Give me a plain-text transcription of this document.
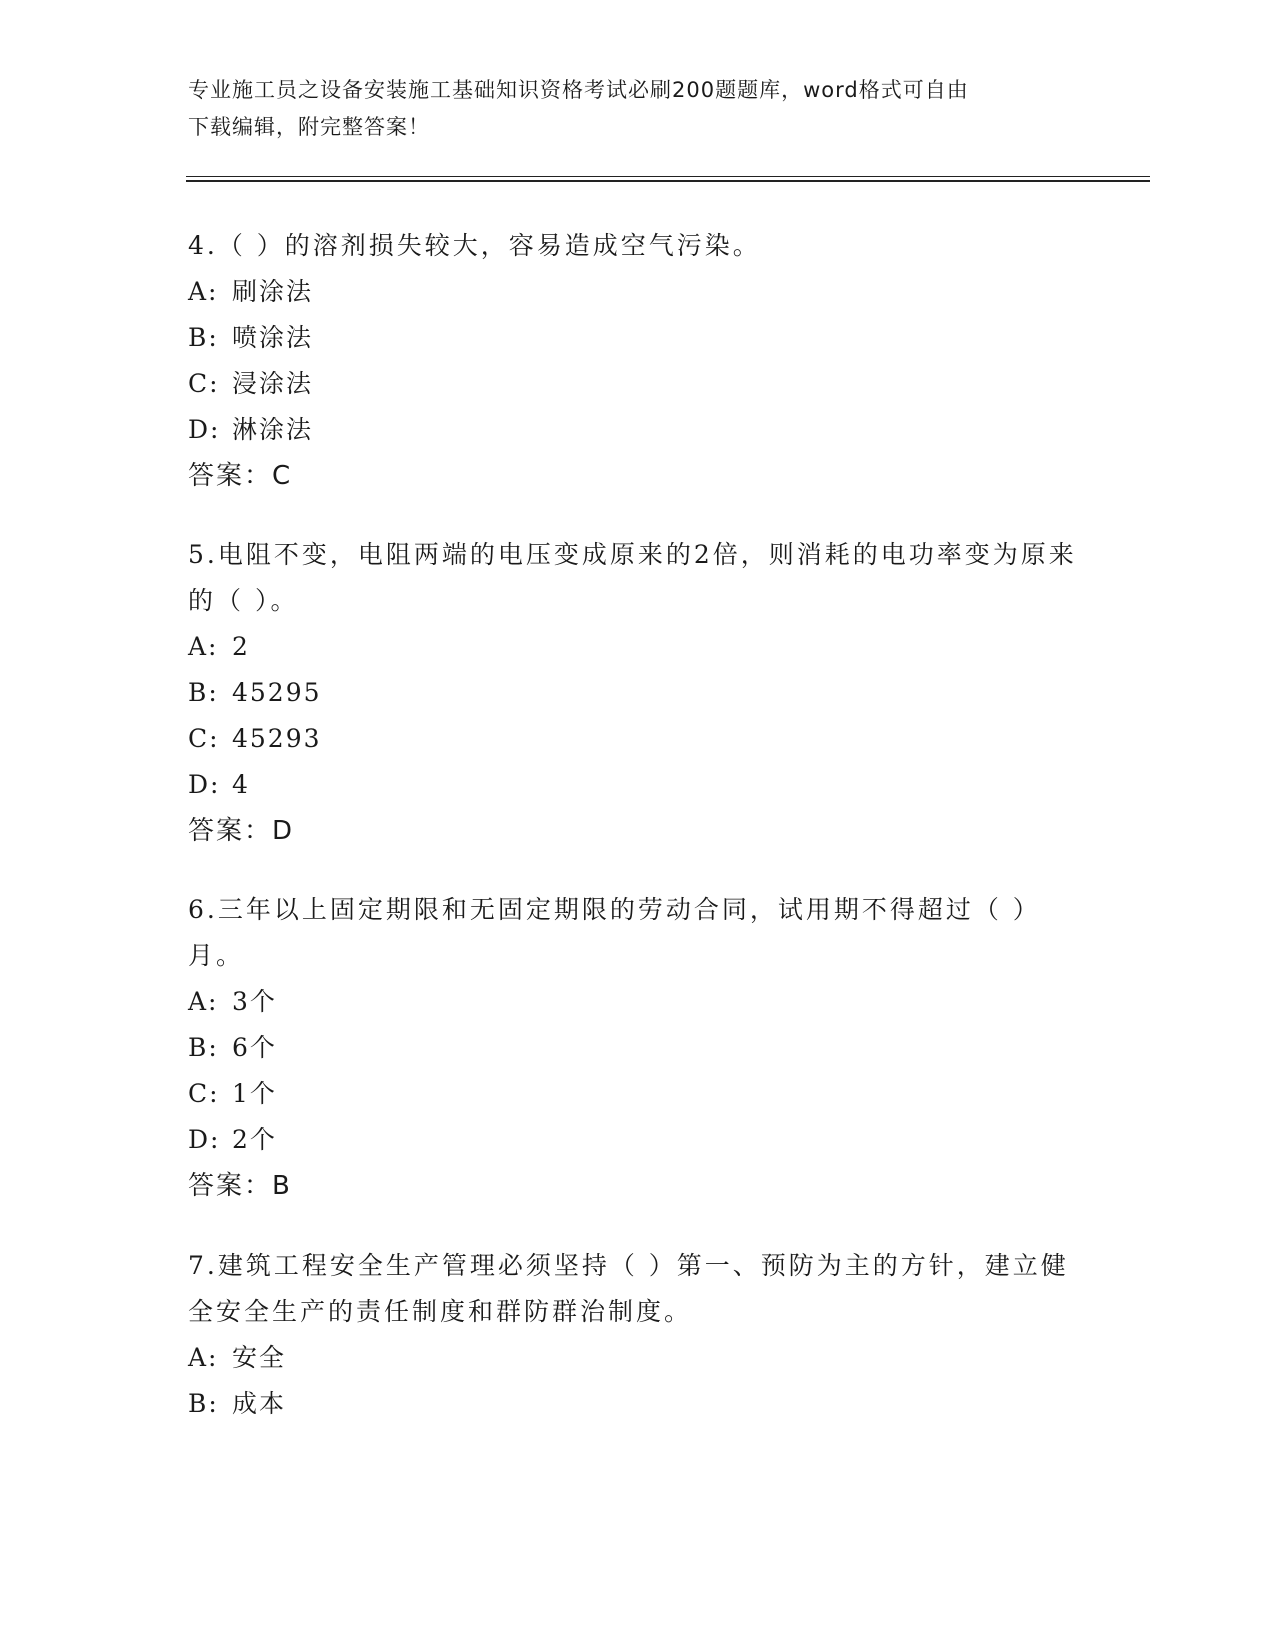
专业施工员之设备安装施工基础知识资格考试必刷200题题库，word格式可自由
下载编辑，附完整答案！

4.（ ）的溶剂损失较大，容易造成空气污染。

A: 刷涂法

B: 喷涂法

C: 浸涂法

D: 淋涂法

答案：C

5.电阻不变，电阻两端的电压变成原来的2倍，则消耗的电功率变为原来的（ ）。

A: 2

B: 45295

C: 45293

D: 4

答案：D

6.三年以上固定期限和无固定期限的劳动合同，试用期不得超过（ ）月。

A: 3个

B: 6个

C: 1个

D: 2个

答案：B

7.建筑工程安全生产管理必须坚持（ ）第一、预防为主的方针，建立健全安全生产的责任制度和群防群治制度。

A: 安全

B: 成本
